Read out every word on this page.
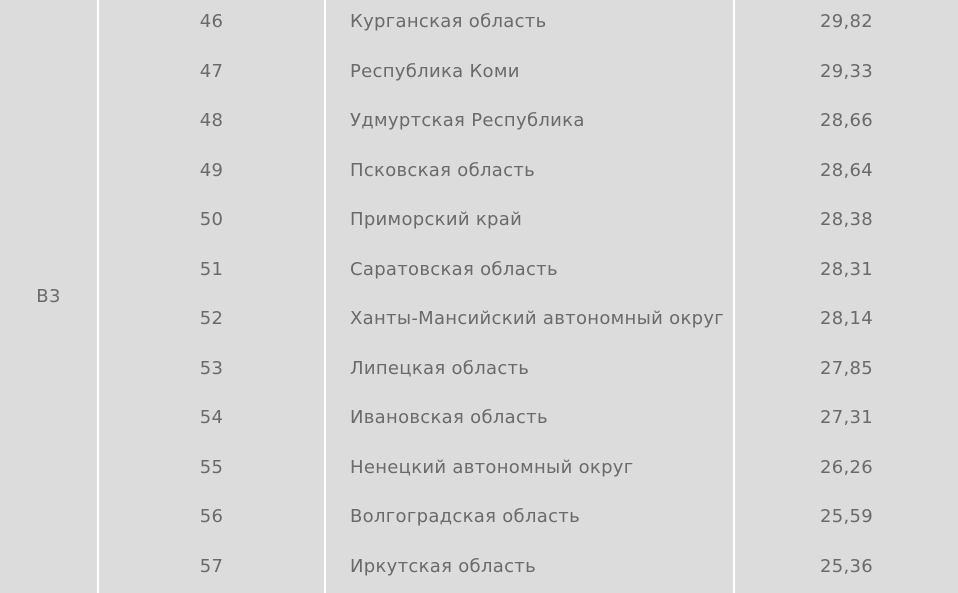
B3
46	Курганская область	29,82
47	Республика Коми	29,33
48	Удмуртская Республика	28,66
49	Псковская область	28,64
50	Приморский край	28,38
51	Саратовская область	28,31
52	Ханты-Мансийский автономный округ	28,14
53	Липецкая область	27,85
54	Ивановская область	27,31
55	Ненецкий автономный округ	26,26
56	Волгоградская область	25,59
57	Иркутская область	25,36
